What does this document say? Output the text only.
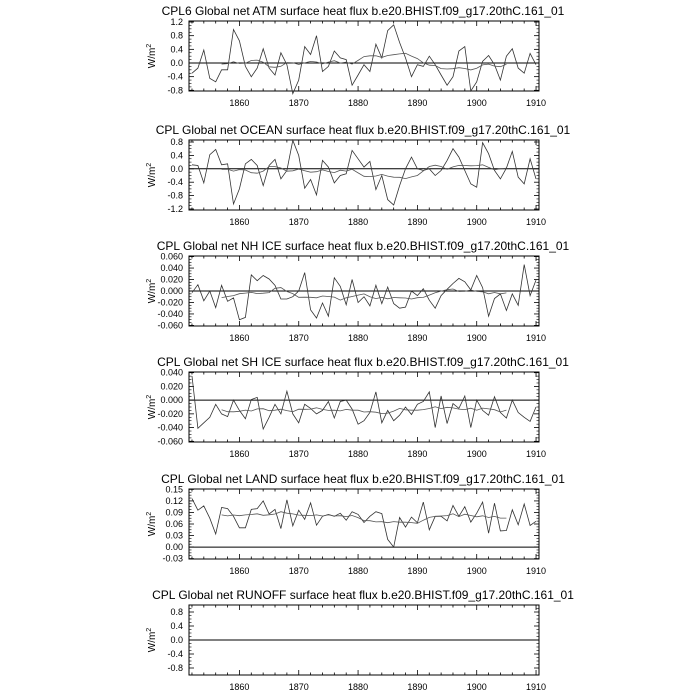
CPL6 Global net ATM surface heat flux b.e20.BHIST.f09_g17.20thC.161_01
$W/m^2$
1860	1870	1880	1890	1900	1910
-0.8
-0.4
0.0
0.4
0.8
1.2
CPL Global net OCEAN surface heat flux b.e20.BHIST.f09_g17.20thC.161_01
$W/m^2$
1860	1870	1880	1890	1900	1910
-1.2
-0.8
-0.4
0.0
0.4
0.8
CPL Global net NH ICE surface heat flux b.e20.BHIST.f09_g17.20thC.161_01
$W/m^2$
1860	1870	1880	1890	1900	1910
-0.060
-0.040
-0.020
0.000
0.020
0.040
0.060
CPL Global net SH ICE surface heat flux b.e20.BHIST.f09_g17.20thC.161_01
$W/m^2$
1860	1870	1880	1890	1900	1910
-0.060
-0.040
-0.020
0.000
0.020
0.040
CPL Global net LAND surface heat flux b.e20.BHIST.f09_g17.20thC.161_01
$W/m^2$
1860	1870	1880	1890	1900	1910
-0.03
0.00
0.03
0.06
0.09
0.12
0.15
CPL Global net RUNOFF surface heat flux b.e20.BHIST.f09_g17.20thC.161_01
$W/m^2$
1860	1870	1880	1890	1900	1910
-0.8
-0.4
0.0
0.4
0.8
